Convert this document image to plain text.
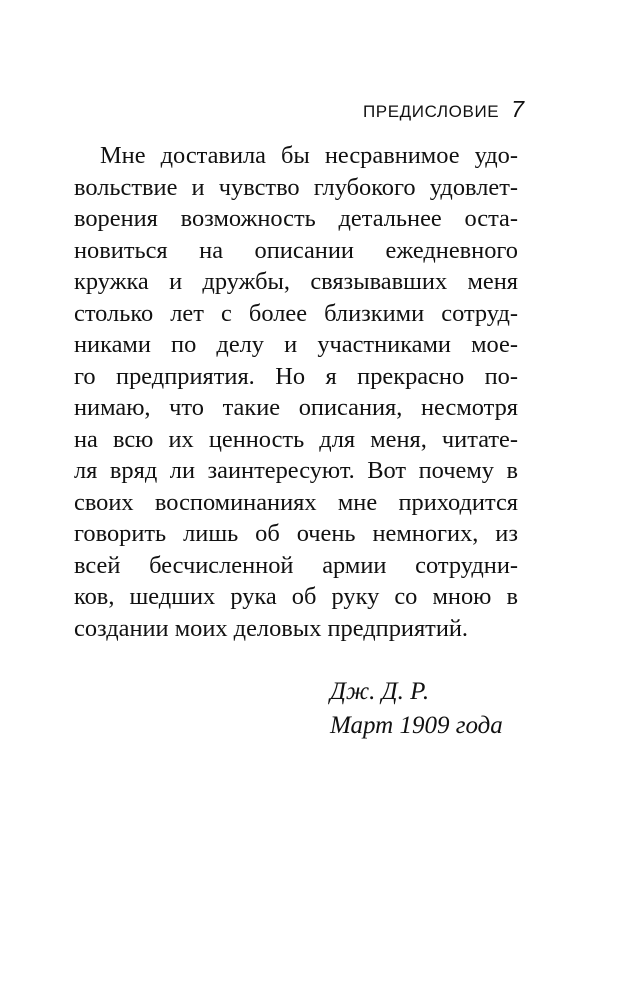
ПРЕДИСЛОВИЕ 7
Мне доставила бы несравнимое удо-
вольствие и чувство глубокого удовлет-
ворения возможность детальнее оста-
новиться на описании ежедневного
кружка и дружбы, связывавших меня
столько лет с более близкими сотруд-
никами по делу и участниками мое-
го предприятия. Но я прекрасно по-
нимаю, что такие описания, несмотря
на всю их ценность для меня, читате-
ля вряд ли заинтересуют. Вот почему в
своих воспоминаниях мне приходится
говорить лишь об очень немногих, из
всей бесчисленной армии сотрудни-
ков, шедших рука об руку со мною в
создании моих деловых предприятий.
Дж. Д. Р.
Март 1909 года
